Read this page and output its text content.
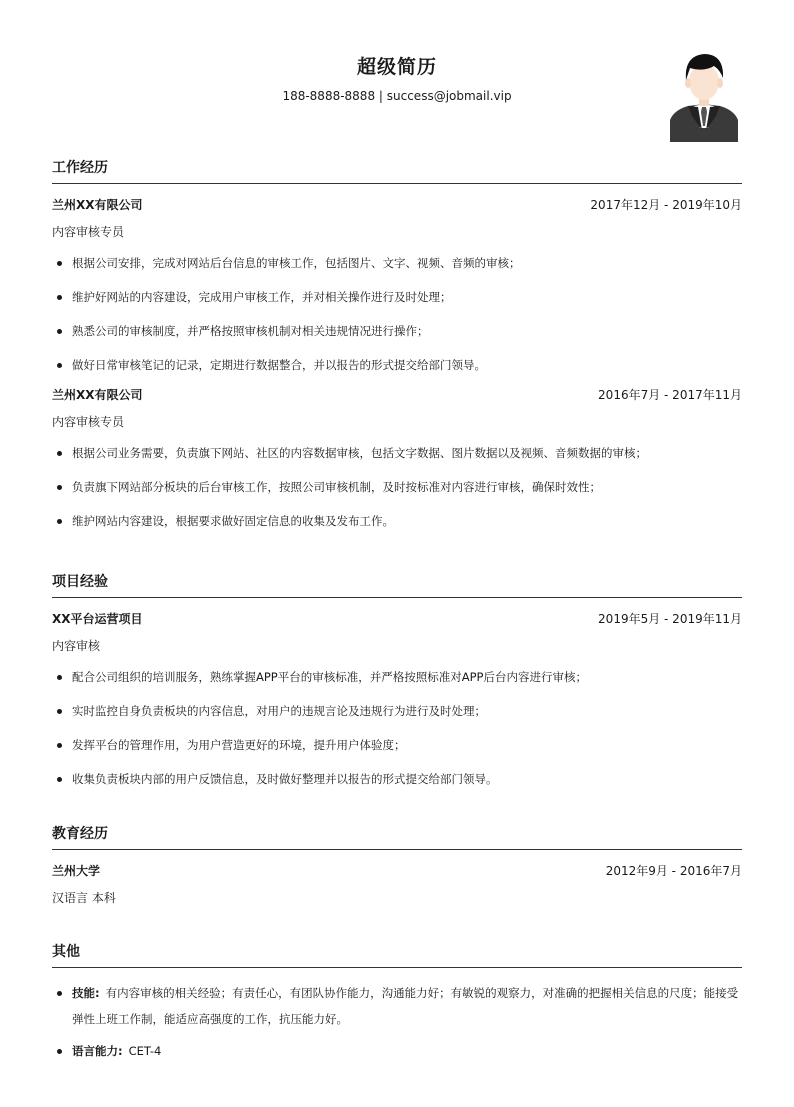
超级简历
188-8888-8888 | success@jobmail.vip
工作经历
兰州XX有限公司	2017年12月 - 2019年10月
内容审核专员
根据公司安排，完成对网站后台信息的审核工作，包括图片、文字、视频、音频的审核；
维护好网站的内容建设，完成用户审核工作，并对相关操作进行及时处理；
熟悉公司的审核制度，并严格按照审核机制对相关违规情况进行操作；
做好日常审核笔记的记录，定期进行数据整合，并以报告的形式提交给部门领导。
兰州XX有限公司	2016年7月 - 2017年11月
内容审核专员
根据公司业务需要，负责旗下网站、社区的内容数据审核，包括文字数据、图片数据以及视频、音频数据的审核；
负责旗下网站部分板块的后台审核工作，按照公司审核机制，及时按标准对内容进行审核，确保时效性；
维护网站内容建设，根据要求做好固定信息的收集及发布工作。
项目经验
XX平台运营项目	2019年5月 - 2019年11月
内容审核
配合公司组织的培训服务，熟练掌握APP平台的审核标准，并严格按照标准对APP后台内容进行审核；
实时监控自身负责板块的内容信息，对用户的违规言论及违规行为进行及时处理；
发挥平台的管理作用，为用户营造更好的环境，提升用户体验度；
收集负责板块内部的用户反馈信息，及时做好整理并以报告的形式提交给部门领导。
教育经历
兰州大学	2012年9月 - 2016年7月
汉语言 本科
其他
技能: 有内容审核的相关经验；有责任心，有团队协作能力，沟通能力好；有敏锐的观察力，对准确的把握相关信息的尺度；能接受弹性上班工作制，能适应高强度的工作，抗压能力好。
语言能力: CET-4
